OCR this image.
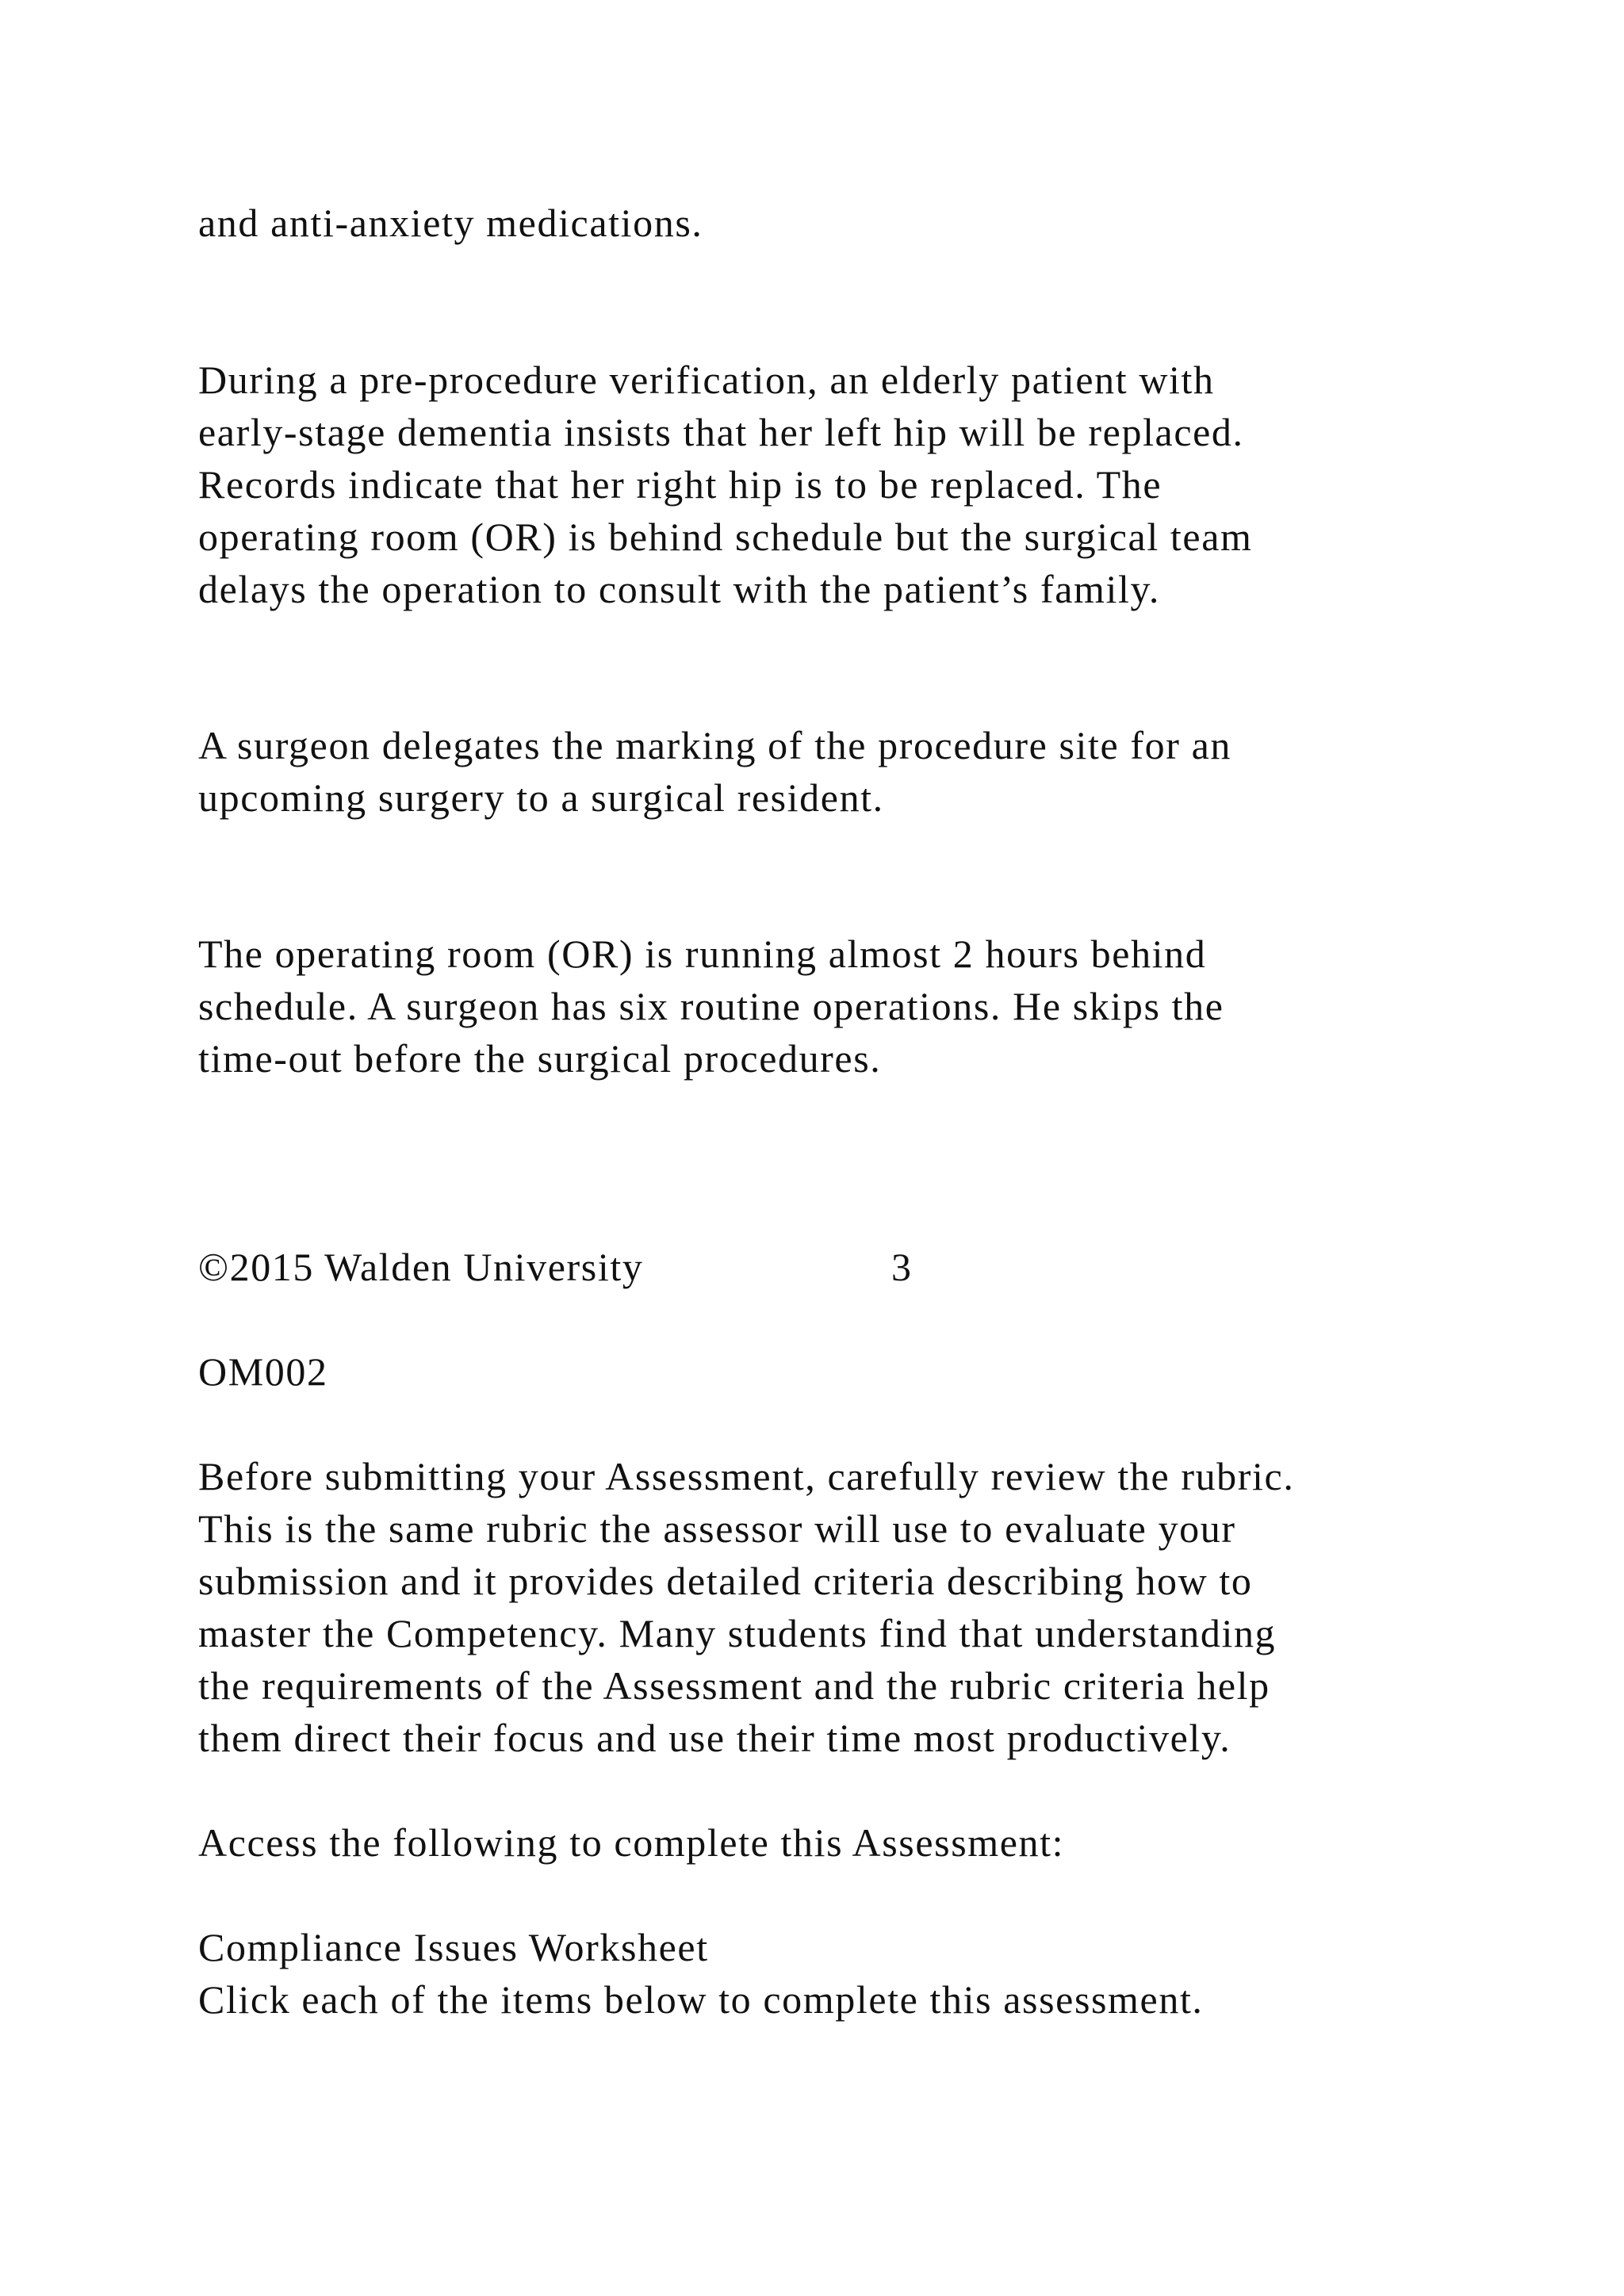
and anti-anxiety medications.

During a pre-procedure verification, an elderly patient with

early-stage dementia insists that her left hip will be replaced.

Records indicate that her right hip is to be replaced. The

operating room (OR) is behind schedule but the surgical team

delays the operation to consult with the patient’s family.

A surgeon delegates the marking of the procedure site for an

upcoming surgery to a surgical resident.

The operating room (OR) is running almost 2 hours behind

schedule. A surgeon has six routine operations. He skips the

time-out before the surgical procedures.

©2015 Walden University	3

OM002

Before submitting your Assessment, carefully review the rubric.

This is the same rubric the assessor will use to evaluate your

submission and it provides detailed criteria describing how to

master the Competency. Many students find that understanding

the requirements of the Assessment and the rubric criteria help

them direct their focus and use their time most productively.

Access the following to complete this Assessment:

Compliance Issues Worksheet

Click each of the items below to complete this assessment.
